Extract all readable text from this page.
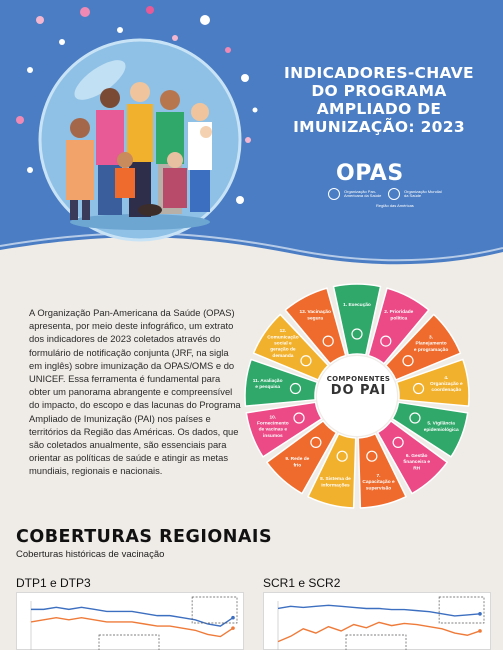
INDICADORES-CHAVE
DO PROGRAMA
AMPLIADO DE
IMUNIZAÇÃO: 2023
OPAS
Organização Pan-Americana da Saúde
Organização Mundial da Saúde
Região das Américas

A Organização Pan-Americana da Saúde (OPAS) apresenta, por meio deste infográfico, um extrato dos indicadores de 2023 coletados através do formulário de notificação conjunta (JRF, na sigla em inglês) sobre imunização da OPAS/OMS e do UNICEF. Essa ferramenta é fundamental para obter um panorama abrangente e compreensível do impacto, do escopo e das lacunas do Programa Ampliado de Imunização (PAI) nos países e territórios da Região das Américas. Os dados, que são coletados anualmente, são essenciais para orientar as políticas de saúde e atingir as metas mundiais, regionais e nacionais.

1. Execução
2. Prioridade política
3. Planejamento e programação
4. Organização e coordenação
5. Vigilância epidemiológica
6. Gestão financeira e RH
7. Capacitação e supervisão
8. Sistema de informações
9. Rede de frio
10. Fornecimento de vacinas e insumos
11. Avaliação e pesquisa
12. Comunicação social e geração de demanda
13. Vacinação segura
COMPONENTES
DO PAI
COBERTURAS REGIONAIS
Coberturas históricas de vacinação
DTP1 e DTP3	SCR1 e SCR2
